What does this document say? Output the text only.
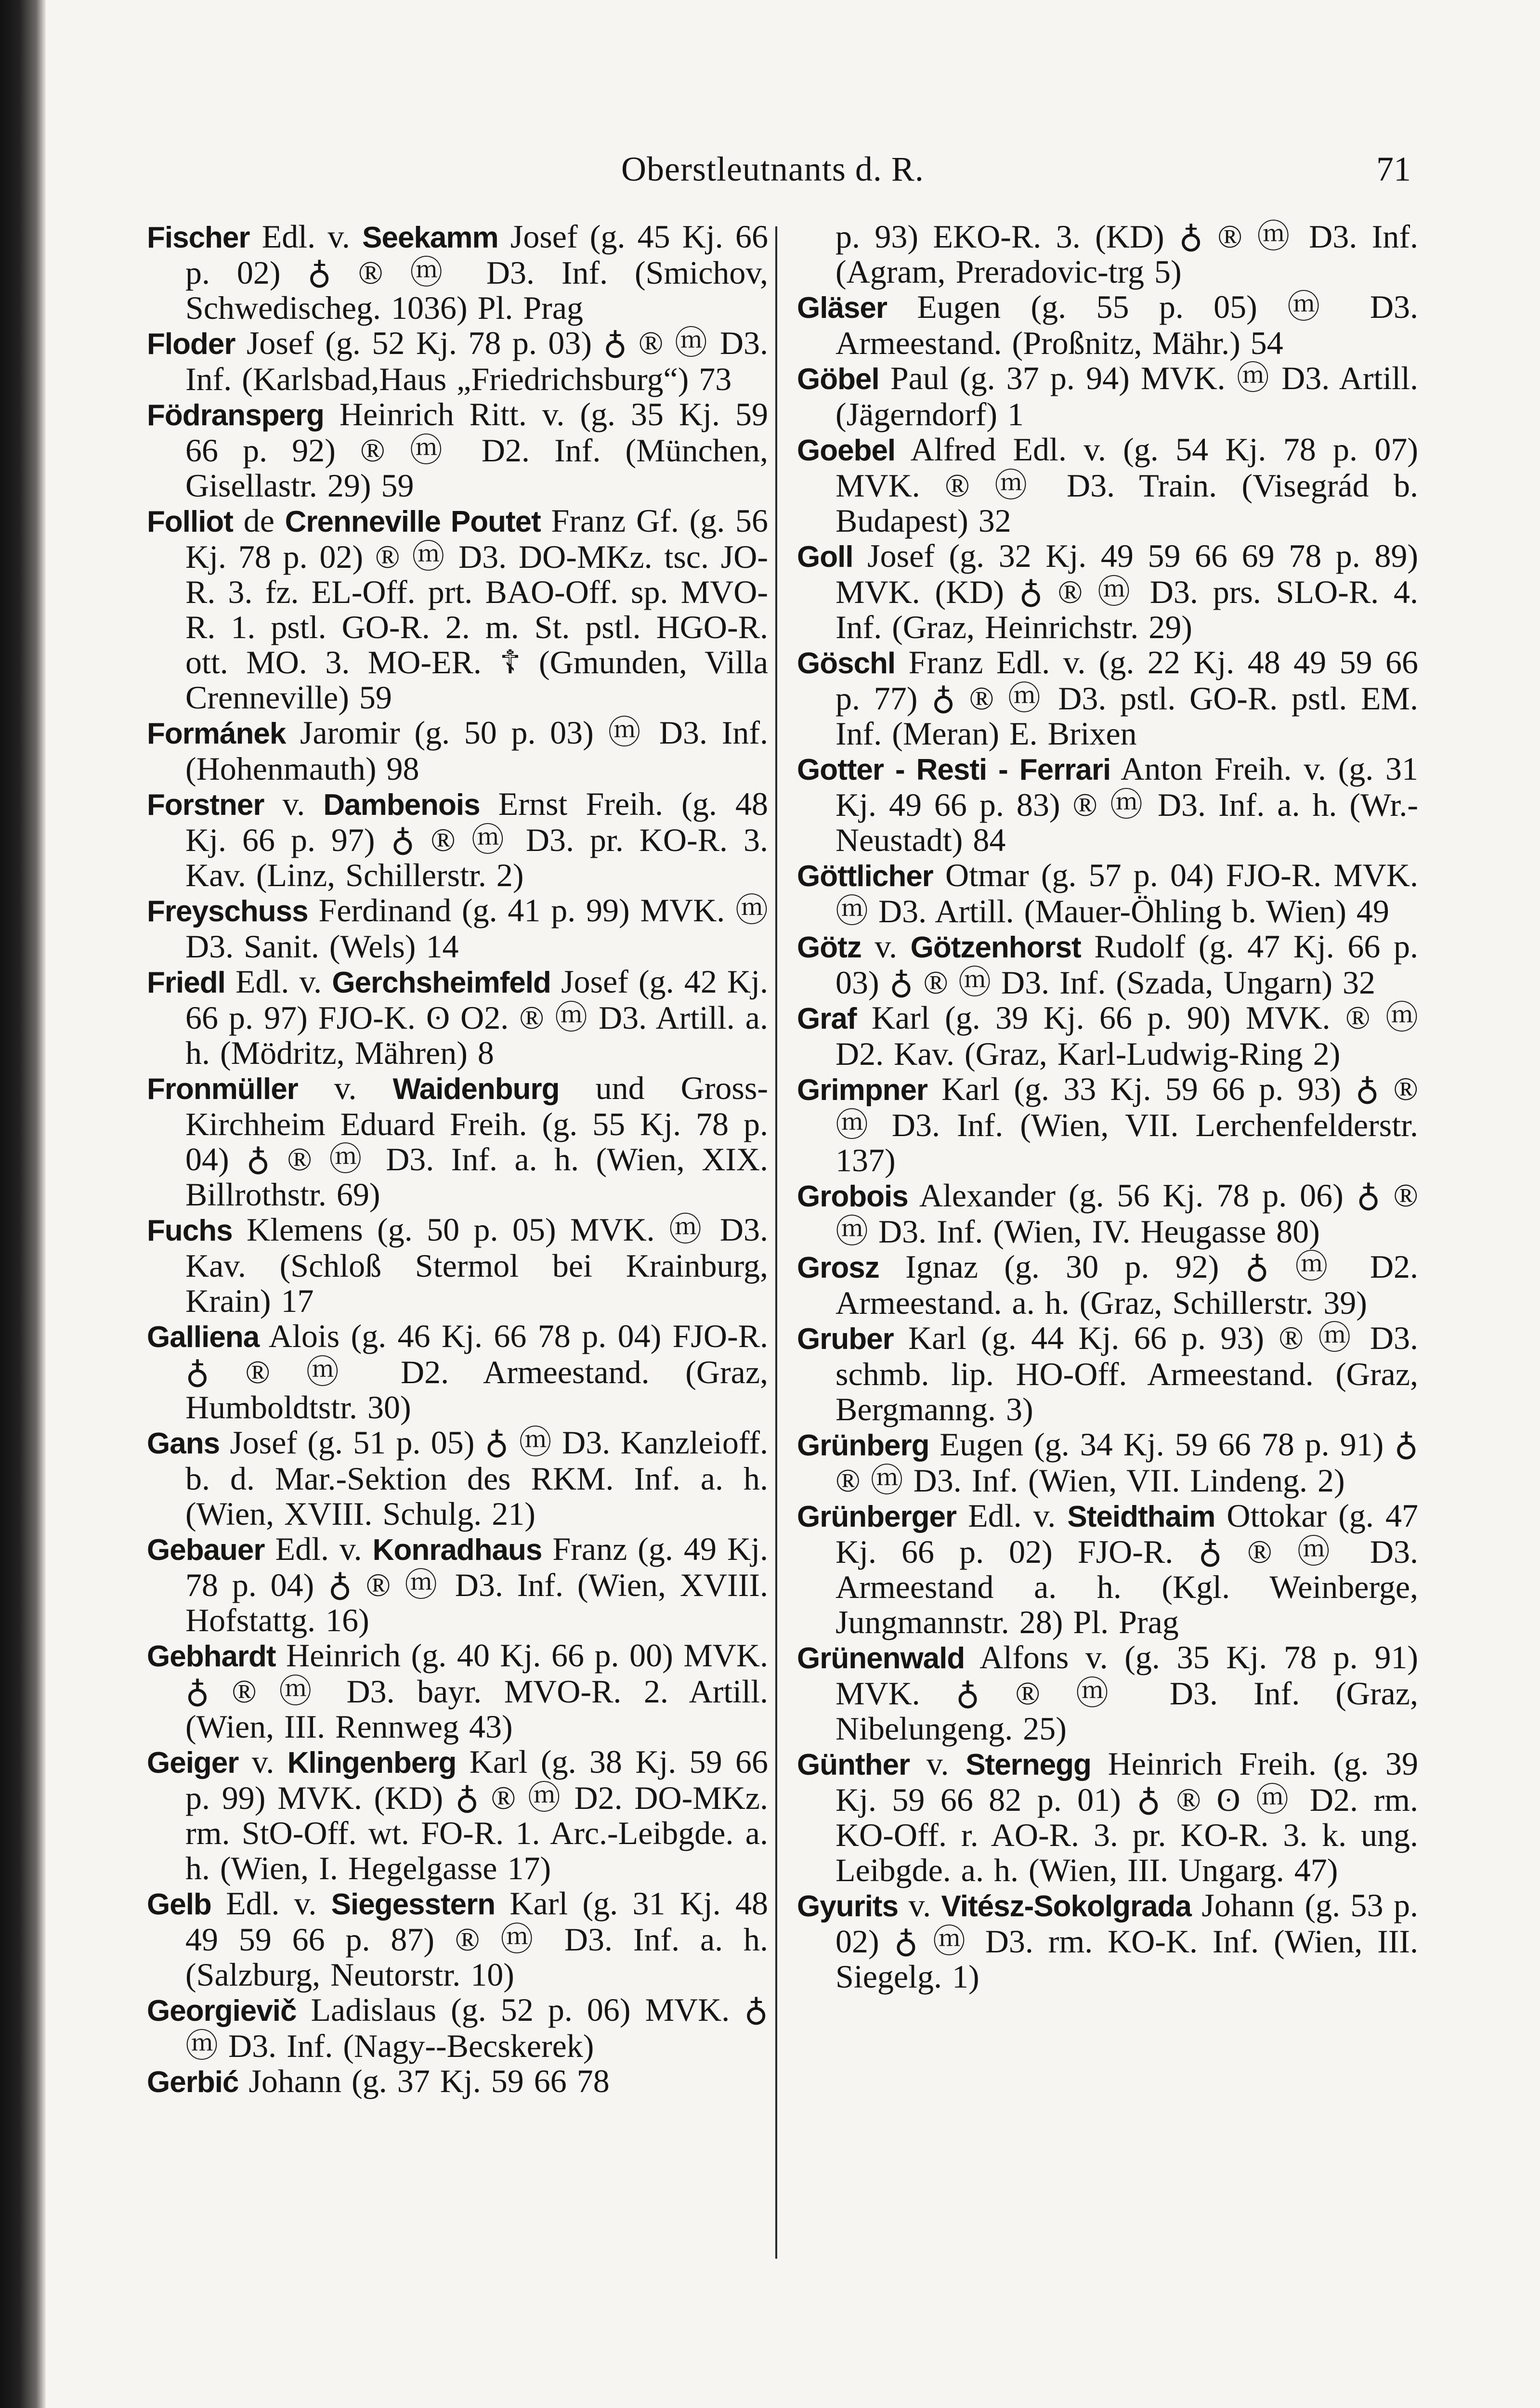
Oberstleutnants d. R.	71

Fischer Edl. v. Seekamm Josef (g. 45 Kj. 66 p. 02) ♁ ® ⓜ D3. Inf. (Smichov, Schwedischeg. 1036) Pl. Prag

Floder Josef (g. 52 Kj. 78 p. 03) ♁ ® ⓜ D3. Inf. (Karlsbad,Haus „Friedrichsburg“) 73

Födransperg Heinrich Ritt. v. (g. 35 Kj. 59 66 p. 92) ® ⓜ D2. Inf. (München, Gisellastr. 29) 59

Folliot de Crenneville Poutet Franz Gf. (g. 56 Kj. 78 p. 02) ® ⓜ D3. DO-MKz. tsc. JO-R. 3. fz. EL-Off. prt. BAO-Off. sp. MVO-R. 1. pstl. GO-R. 2. m. St. pstl. HGO-R. ott. MO. 3. MO-ER. ☦ (Gmunden, Villa Crenneville) 59

Formánek Jaromir (g. 50 p. 03) ⓜ D3. Inf. (Hohenmauth) 98

Forstner v. Dambenois Ernst Freih. (g. 48 Kj. 66 p. 97) ♁ ® ⓜ D3. pr. KO-R. 3. Kav. (Linz, Schillerstr. 2)

Freyschuss Ferdinand (g. 41 p. 99) MVK. ⓜ D3. Sanit. (Wels) 14

Friedl Edl. v. Gerchsheimfeld Josef (g. 42 Kj. 66 p. 97) FJO-K. ʘ O2. ® ⓜ D3. Artill. a. h. (Mödritz, Mähren) 8

Fronmüller v. Waidenburg und Gross-Kirchheim Eduard Freih. (g. 55 Kj. 78 p. 04) ♁ ® ⓜ D3. Inf. a. h. (Wien, XIX. Billrothstr. 69)

Fuchs Klemens (g. 50 p. 05) MVK. ⓜ D3. Kav. (Schloß Stermol bei Krainburg, Krain) 17

Galliena Alois (g. 46 Kj. 66 78 p. 04) FJO-R. ♁ ® ⓜ D2. Armeestand. (Graz, Humboldtstr. 30)

Gans Josef (g. 51 p. 05) ♁ ⓜ D3. Kanzleioff. b. d. Mar.-Sektion des RKM. Inf. a. h. (Wien, XVIII. Schulg. 21)

Gebauer Edl. v. Konradhaus Franz (g. 49 Kj. 78 p. 04) ♁ ® ⓜ D3. Inf. (Wien, XVIII. Hofstattg. 16)

Gebhardt Heinrich (g. 40 Kj. 66 p. 00) MVK. ♁ ® ⓜ D3. bayr. MVO-R. 2. Artill. (Wien, III. Rennweg 43)

Geiger v. Klingenberg Karl (g. 38 Kj. 59 66 p. 99) MVK. (KD) ♁ ® ⓜ D2. DO-MKz. rm. StO-Off. wt. FO-R. 1. Arc.-Leibgde. a. h. (Wien, I. Hegelgasse 17)

Gelb Edl. v. Siegesstern Karl (g. 31 Kj. 48 49 59 66 p. 87) ® ⓜ D3. Inf. a. h. (Salzburg, Neutorstr. 10)

Georgievič Ladislaus (g. 52 p. 06) MVK. ♁ ⓜ D3. Inf. (Nagy--Becskerek)

Gerbić Johann (g. 37 Kj. 59 66 78

p. 93) EKO-R. 3. (KD) ♁ ® ⓜ D3. Inf. (Agram, Preradovic-trg 5)

Gläser Eugen (g. 55 p. 05) ⓜ D3. Armeestand. (Proßnitz, Mähr.) 54

Göbel Paul (g. 37 p. 94) MVK. ⓜ D3. Artill. (Jägerndorf) 1

Goebel Alfred Edl. v. (g. 54 Kj. 78 p. 07) MVK. ® ⓜ D3. Train. (Visegrád b. Budapest) 32

Goll Josef (g. 32 Kj. 49 59 66 69 78 p. 89) MVK. (KD) ♁ ® ⓜ D3. prs. SLO-R. 4. Inf. (Graz, Heinrichstr. 29)

Göschl Franz Edl. v. (g. 22 Kj. 48 49 59 66 p. 77) ♁ ® ⓜ D3. pstl. GO-R. pstl. EM. Inf. (Meran) E. Brixen

Gotter - Resti - Ferrari Anton Freih. v. (g. 31 Kj. 49 66 p. 83) ® ⓜ D3. Inf. a. h. (Wr.-Neustadt) 84

Göttlicher Otmar (g. 57 p. 04) FJO-R. MVK. ⓜ D3. Artill. (Mauer-Öhling b. Wien) 49

Götz v. Götzenhorst Rudolf (g. 47 Kj. 66 p. 03) ♁ ® ⓜ D3. Inf. (Szada, Ungarn) 32

Graf Karl (g. 39 Kj. 66 p. 90) MVK. ® ⓜ D2. Kav. (Graz, Karl-Ludwig-Ring 2)

Grimpner Karl (g. 33 Kj. 59 66 p. 93) ♁ ® ⓜ D3. Inf. (Wien, VII. Lerchenfelderstr. 137)

Grobois Alexander (g. 56 Kj. 78 p. 06) ♁ ® ⓜ D3. Inf. (Wien, IV. Heugasse 80)

Grosz Ignaz (g. 30 p. 92) ♁ ⓜ D2. Armeestand. a. h. (Graz, Schillerstr. 39)

Gruber Karl (g. 44 Kj. 66 p. 93) ® ⓜ D3. schmb. lip. HO-Off. Armeestand. (Graz, Bergmanng. 3)

Grünberg Eugen (g. 34 Kj. 59 66 78 p. 91) ♁ ® ⓜ D3. Inf. (Wien, VII. Lindeng. 2)

Grünberger Edl. v. Steidthaim Ottokar (g. 47 Kj. 66 p. 02) FJO-R. ♁ ® ⓜ D3. Armeestand a. h. (Kgl. Weinberge, Jungmannstr. 28) Pl. Prag

Grünenwald Alfons v. (g. 35 Kj. 78 p. 91) MVK. ♁ ® ⓜ D3. Inf. (Graz, Nibelungeng. 25)

Günther v. Sternegg Heinrich Freih. (g. 39 Kj. 59 66 82 p. 01) ♁ ® ʘ ⓜ D2. rm. KO-Off. r. AO-R. 3. pr. KO-R. 3. k. ung. Leibgde. a. h. (Wien, III. Ungarg. 47)

Gyurits v. Vitész-Sokolgrada Johann (g. 53 p. 02) ♁ ⓜ D3. rm. KO-K. Inf. (Wien, III. Siegelg. 1)
